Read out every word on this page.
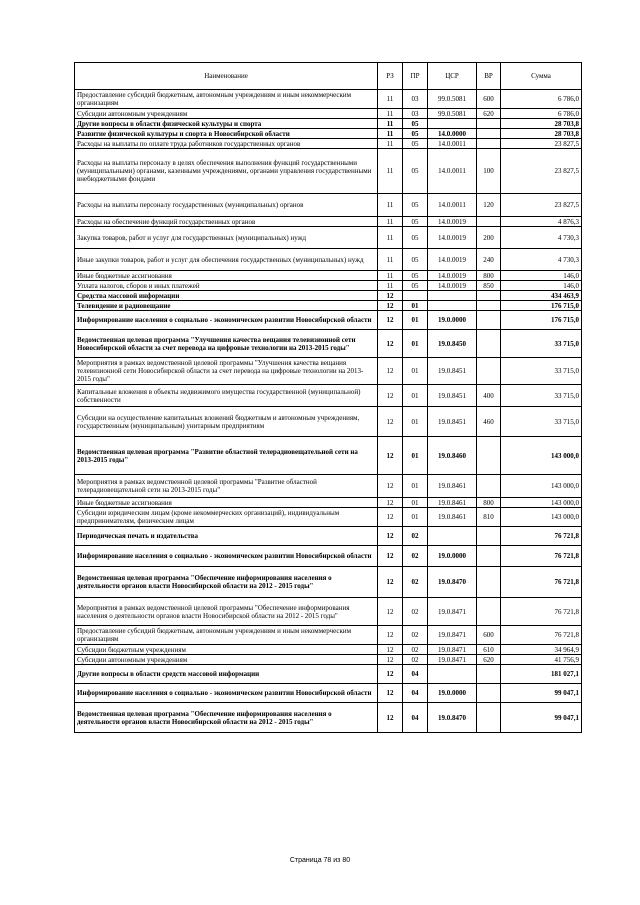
Наименование	РЗ	ПР	ЦСР	ВР	Сумма
Предоставление субсидий бюджетным, автономным учреждениям и иным некоммерческим организациям	11	03	99.0.5081	600	6 786,0
Субсидии автономным учреждениям	11	03	99.0.5081	620	6 786,0
Другие вопросы в области физической культуры и спорта	11	05			28 703,8
Развитие физической культуры и спорта в Новосибирской области	11	05	14.0.0000		28 703,8
Расходы на выплаты по оплате труда работников государственных органов	11	05	14.0.0011		23 827,5
Расходы на выплаты персоналу в целях обеспечения выполнения функций государственными (муниципальными) органами, казенными учреждениями, органами управления государственными внебюджетными фондами	11	05	14.0.0011	100	23 827,5
Расходы на выплаты персоналу государственных (муниципальных) органов	11	05	14.0.0011	120	23 827,5
Расходы на обеспечение функций государственных органов	11	05	14.0.0019		4 876,3
Закупка товаров, работ и услуг для государственных (муниципальных) нужд	11	05	14.0.0019	200	4 730,3
Иные закупки товаров, работ и услуг для обеспечения государственных (муниципальных) нужд	11	05	14.0.0019	240	4 730,3
Иные бюджетные ассигнования	11	05	14.0.0019	800	146,0
Уплата налогов, сборов и иных платежей	11	05	14.0.0019	850	146,0
Средства массовой информации	12				434 463,9
Телевидение и радиовещание	12	01			176 715,0
Информирование населения о социально - экономическом развитии Новосибирской области	12	01	19.0.0000		176 715,0
Ведомственная целевая программа "Улучшения качества вещания телевизионной сети Новосибирской области за счет перевода на цифровые технологии на 2013-2015 годы"	12	01	19.0.8450		33 715,0
Мероприятия в рамках ведомственной целевой программы "Улучшения качества вещания телевизионной сети Новосибирской области за счет перевода на цифровые технологии на 2013-2015 годы"	12	01	19.0.8451		33 715,0
Капитальные вложения в объекты недвижимого имущества государственной (муниципальной) собственности	12	01	19.0.8451	400	33 715,0
Субсидии на осуществление капитальных вложений бюджетным и автономным учреждениям, государственным (муниципальным) унитарным предприятиям	12	01	19.0.8451	460	33 715,0
Ведомственная целевая программа "Развитие областной телерадиовещательной сети на 2013-2015 годы"	12	01	19.0.8460		143 000,0
Мероприятия в рамках ведомственной целевой программы "Развитие областной телерадиовещательной сети на 2013-2015 годы"	12	01	19.0.8461		143 000,0
Иные бюджетные ассигнования	12	01	19.0.8461	800	143 000,0
Субсидии юридическим лицам (кроме некоммерческих организаций), индивидуальным предпринимателям, физическим лицам	12	01	19.0.8461	810	143 000,0
Периодическая печать и издательства	12	02			76 721,8
Информирование населения о социально - экономическом развитии Новосибирской области	12	02	19.0.0000		76 721,8
Ведомственная целевая программа "Обеспечение информирования населения о деятельности органов власти Новосибирской области на 2012 - 2015 годы"	12	02	19.0.8470		76 721,8
Мероприятия в рамках ведомственной целевой программы "Обеспечение информирования населения о деятельности органов власти Новосибирской области на 2012 - 2015 годы"	12	02	19.0.8471		76 721,8
Предоставление субсидий бюджетным, автономным учреждениям и иным некоммерческим организациям	12	02	19.0.8471	600	76 721,8
Субсидии бюджетным учреждениям	12	02	19.0.8471	610	34 964,9
Субсидии автономным учреждениям	12	02	19.0.8471	620	41 756,9
Другие вопросы в области средств массовой информации	12	04			181 027,1
Информирование населения о социально - экономическом развитии Новосибирской области	12	04	19.0.0000		99 047,1
Ведомственная целевая программа "Обеспечение информирования населения о деятельности органов власти Новосибирской области на 2012 - 2015 годы"	12	04	19.0.8470		99 047,1
Страница 78 из 80
